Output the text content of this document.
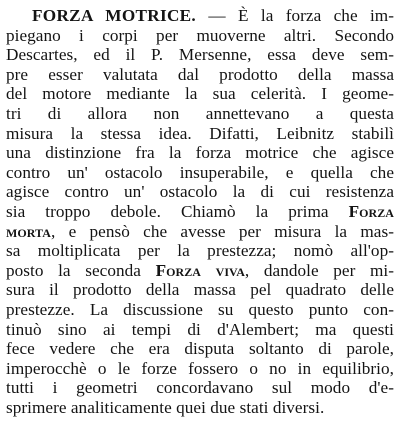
FORZA MOTRICE. — È la forza che im-
piegano i corpi per muoverne altri. Secondo
Descartes, ed il P. Mersenne, essa deve sem-
pre esser valutata dal prodotto della massa
del motore mediante la sua celerità. I geome-
tri di allora non annettevano a questa
misura la stessa idea. Difatti, Leibnitz stabilì
una distinzione fra la forza motrice che agisce
contro un' ostacolo insuperabile, e quella che
agisce contro un' ostacolo la di cui resistenza
sia troppo debole. Chiamò la prima Forza
morta, e pensò che avesse per misura la mas-
sa moltiplicata per la prestezza; nomò all'op-
posto la seconda Forza viva, dandole per mi-
sura il prodotto della massa pel quadrato delle
prestezze. La discussione su questo punto con-
tinuò sino ai tempi di d'Alembert; ma questi
fece vedere che era disputa soltanto di parole,
imperocchè o le forze fossero o no in equilibrio,
tutti i geometri concordavano sul modo d'e-
sprimere analiticamente quei due stati diversi.
